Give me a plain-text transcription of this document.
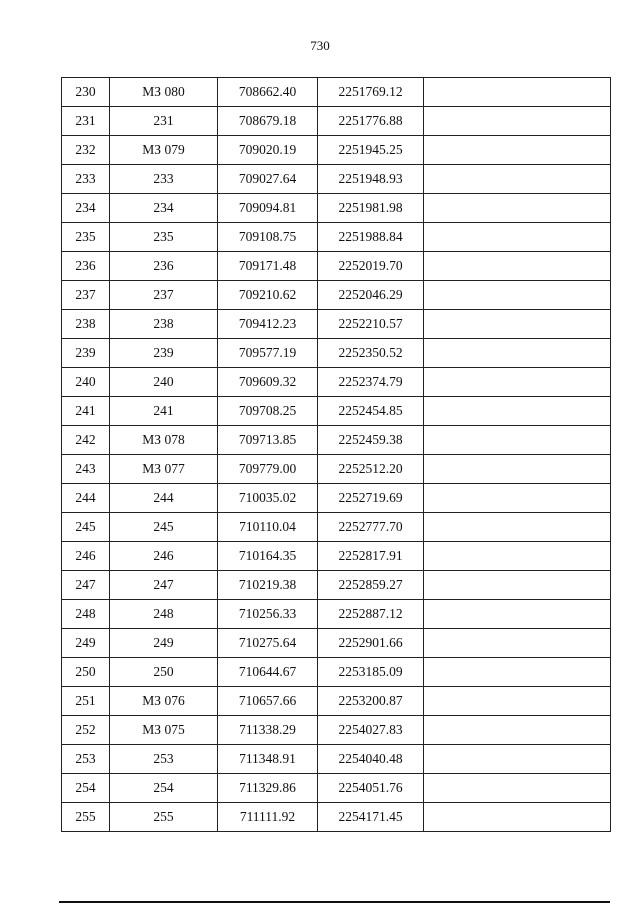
730
230	МЗ 080	708662.40	2251769.12	
231	231	708679.18	2251776.88	
232	МЗ 079	709020.19	2251945.25	
233	233	709027.64	2251948.93	
234	234	709094.81	2251981.98	
235	235	709108.75	2251988.84	
236	236	709171.48	2252019.70	
237	237	709210.62	2252046.29	
238	238	709412.23	2252210.57	
239	239	709577.19	2252350.52	
240	240	709609.32	2252374.79	
241	241	709708.25	2252454.85	
242	МЗ 078	709713.85	2252459.38	
243	МЗ 077	709779.00	2252512.20	
244	244	710035.02	2252719.69	
245	245	710110.04	2252777.70	
246	246	710164.35	2252817.91	
247	247	710219.38	2252859.27	
248	248	710256.33	2252887.12	
249	249	710275.64	2252901.66	
250	250	710644.67	2253185.09	
251	МЗ 076	710657.66	2253200.87	
252	МЗ 075	711338.29	2254027.83	
253	253	711348.91	2254040.48	
254	254	711329.86	2254051.76	
255	255	711111.92	2254171.45	
